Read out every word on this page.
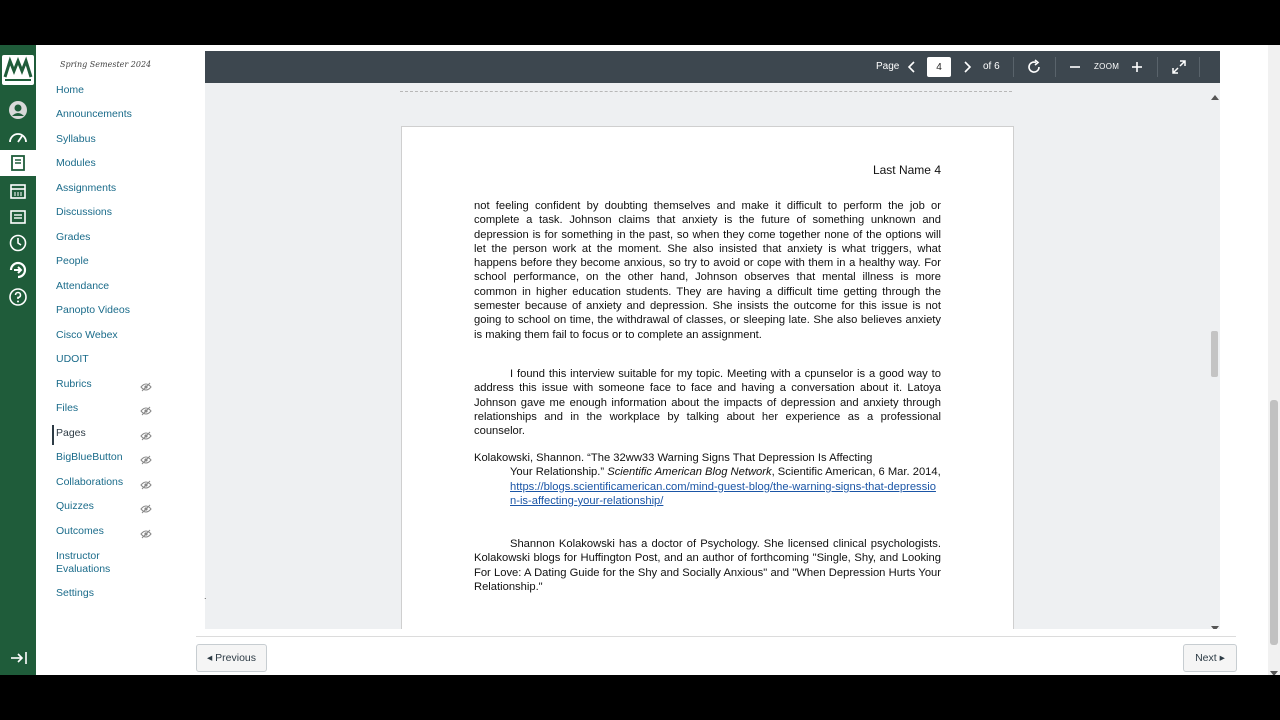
Spring Semester 2024
Home
Announcements
Syllabus
Modules
Assignments
Discussions
Grades
People
Attendance
Panopto Videos
Cisco Webex
UDOIT
Rubrics
Files
Pages
BigBlueButton
Collaborations
Quizzes
Outcomes
Instructor Evaluations
Settings
Page
4	of 6	ZOOM
Last Name 4

not feeling confident by doubting themselves and make it difficult to perform the job or complete a task. Johnson claims that anxiety is the future of something unknown and depression is for something in the past, so when they come together none of the options will let the person work at the moment. She also insisted that anxiety is what triggers, what happens before they become anxious, so try to avoid or cope with them in a healthy way. For school performance, on the other hand, Johnson observes that mental illness is more common in higher education students. They are having a difficult time getting through the semester because of anxiety and depression. She insists the outcome for this issue is not going to school on time, the withdrawal of classes, or sleeping late. She also believes anxiety is making them fail to focus or to complete an assignment.

I found this interview suitable for my topic. Meeting with a cpunselor is a good way to address this issue with someone face to face and having a conversation about it. Latoya Johnson gave me enough information about the impacts of depression and anxiety through relationships and in the workplace by talking about her experience as a professional counselor.

Kolakowski, Shannon. “The 32ww33 Warning Signs That Depression Is Affecting
Your Relationship.” Scientific American Blog Network, Scientific American, 6 Mar. 2014,
https://blogs.scientificamerican.com/mind-guest-blog/the-warning-signs-that-depression-is-affecting-your-relationship/

Shannon Kolakowski has a doctor of Psychology. She licensed clinical psychologists. Kolakowski blogs for Huffington Post, and an author of forthcoming "Single, Shy, and Looking For Love: A Dating Guide for the Shy and Socially Anxious" and "When Depression Hurts Your Relationship."

.
◂ Previous	Next ▸
